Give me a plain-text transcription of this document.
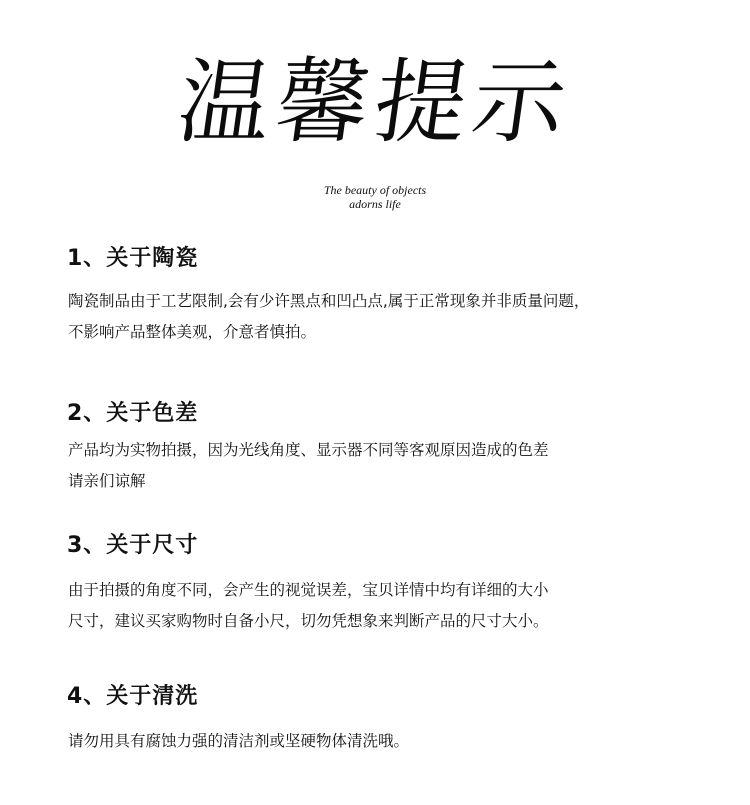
温馨提示
The beauty of objects
adorns life
1、关于陶瓷
陶瓷制品由于工艺限制,会有少许黑点和凹凸点,属于正常现象并非质量问题，
不影响产品整体美观，介意者慎拍。
2、关于色差
产品均为实物拍摄，因为光线角度、显示器不同等客观原因造成的色差
请亲们谅解
3、关于尺寸
由于拍摄的角度不同，会产生的视觉误差，宝贝详情中均有详细的大小
尺寸，建议买家购物时自备小尺，切勿凭想象来判断产品的尺寸大小。
4、关于清洗
请勿用具有腐蚀力强的清洁剂或坚硬物体清洗哦。
